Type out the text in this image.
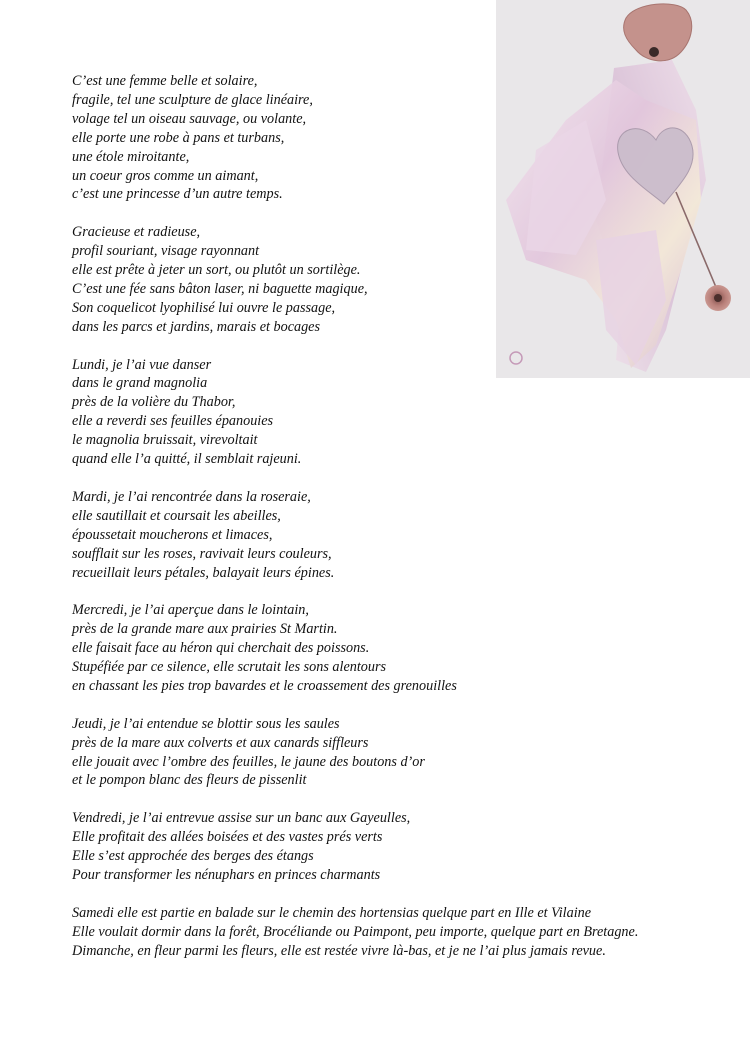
C’est une femme belle et solaire,
fragile, tel une sculpture de glace linéaire,
volage tel un oiseau sauvage, ou volante,
elle porte une robe à pans et turbans,
une étole miroitante,
un coeur gros comme un aimant,
c’est une princesse d’un autre temps.

Gracieuse et radieuse,
profil souriant, visage rayonnant
elle est prête à jeter un sort, ou plutôt un sortilège.
C’est une fée sans bâton laser, ni baguette magique,
Son coquelicot lyophilisé lui ouvre le passage,
dans les parcs et jardins, marais et bocages

Lundi, je l’ai vue danser
dans le grand magnolia
près de la volière du Thabor,
elle a reverdi ses feuilles épanouies
le magnolia bruissait, virevoltait
quand elle l’a quitté, il semblait rajeuni.

Mardi, je l’ai rencontrée dans la roseraie,
elle sautillait et coursait les abeilles,
époussetait moucherons et limaces,
soufflait sur les roses, ravivait leurs couleurs,
recueillait leurs pétales, balayait leurs épines.

Mercredi, je l’ai aperçue dans le lointain,
près de la grande mare aux prairies St Martin.
elle faisait face au héron qui cherchait des poissons.
Stupéfiée par ce silence, elle scrutait les sons alentours
en chassant les pies trop bavardes et le croassement des grenouilles

Jeudi, je l’ai entendue se blottir sous les saules
près de la mare aux colverts et aux canards siffleurs
elle jouait avec l’ombre des feuilles, le jaune des boutons d’or
et le pompon blanc des fleurs de pissenlit

Vendredi, je l’ai entrevue assise sur un banc aux Gayeulles,
Elle profitait des allées boisées et des vastes prés verts
Elle s’est approchée des berges des étangs
Pour transformer les nénuphars en princes charmants

Samedi elle est partie en balade sur le chemin des hortensias quelque part en Ille et Vilaine
Elle voulait dormir dans la forêt, Brocéliande ou Paimpont, peu importe, quelque part en Bretagne.
Dimanche, en fleur parmi les fleurs, elle est restée vivre là-bas, et je ne l’ai plus jamais revue.
